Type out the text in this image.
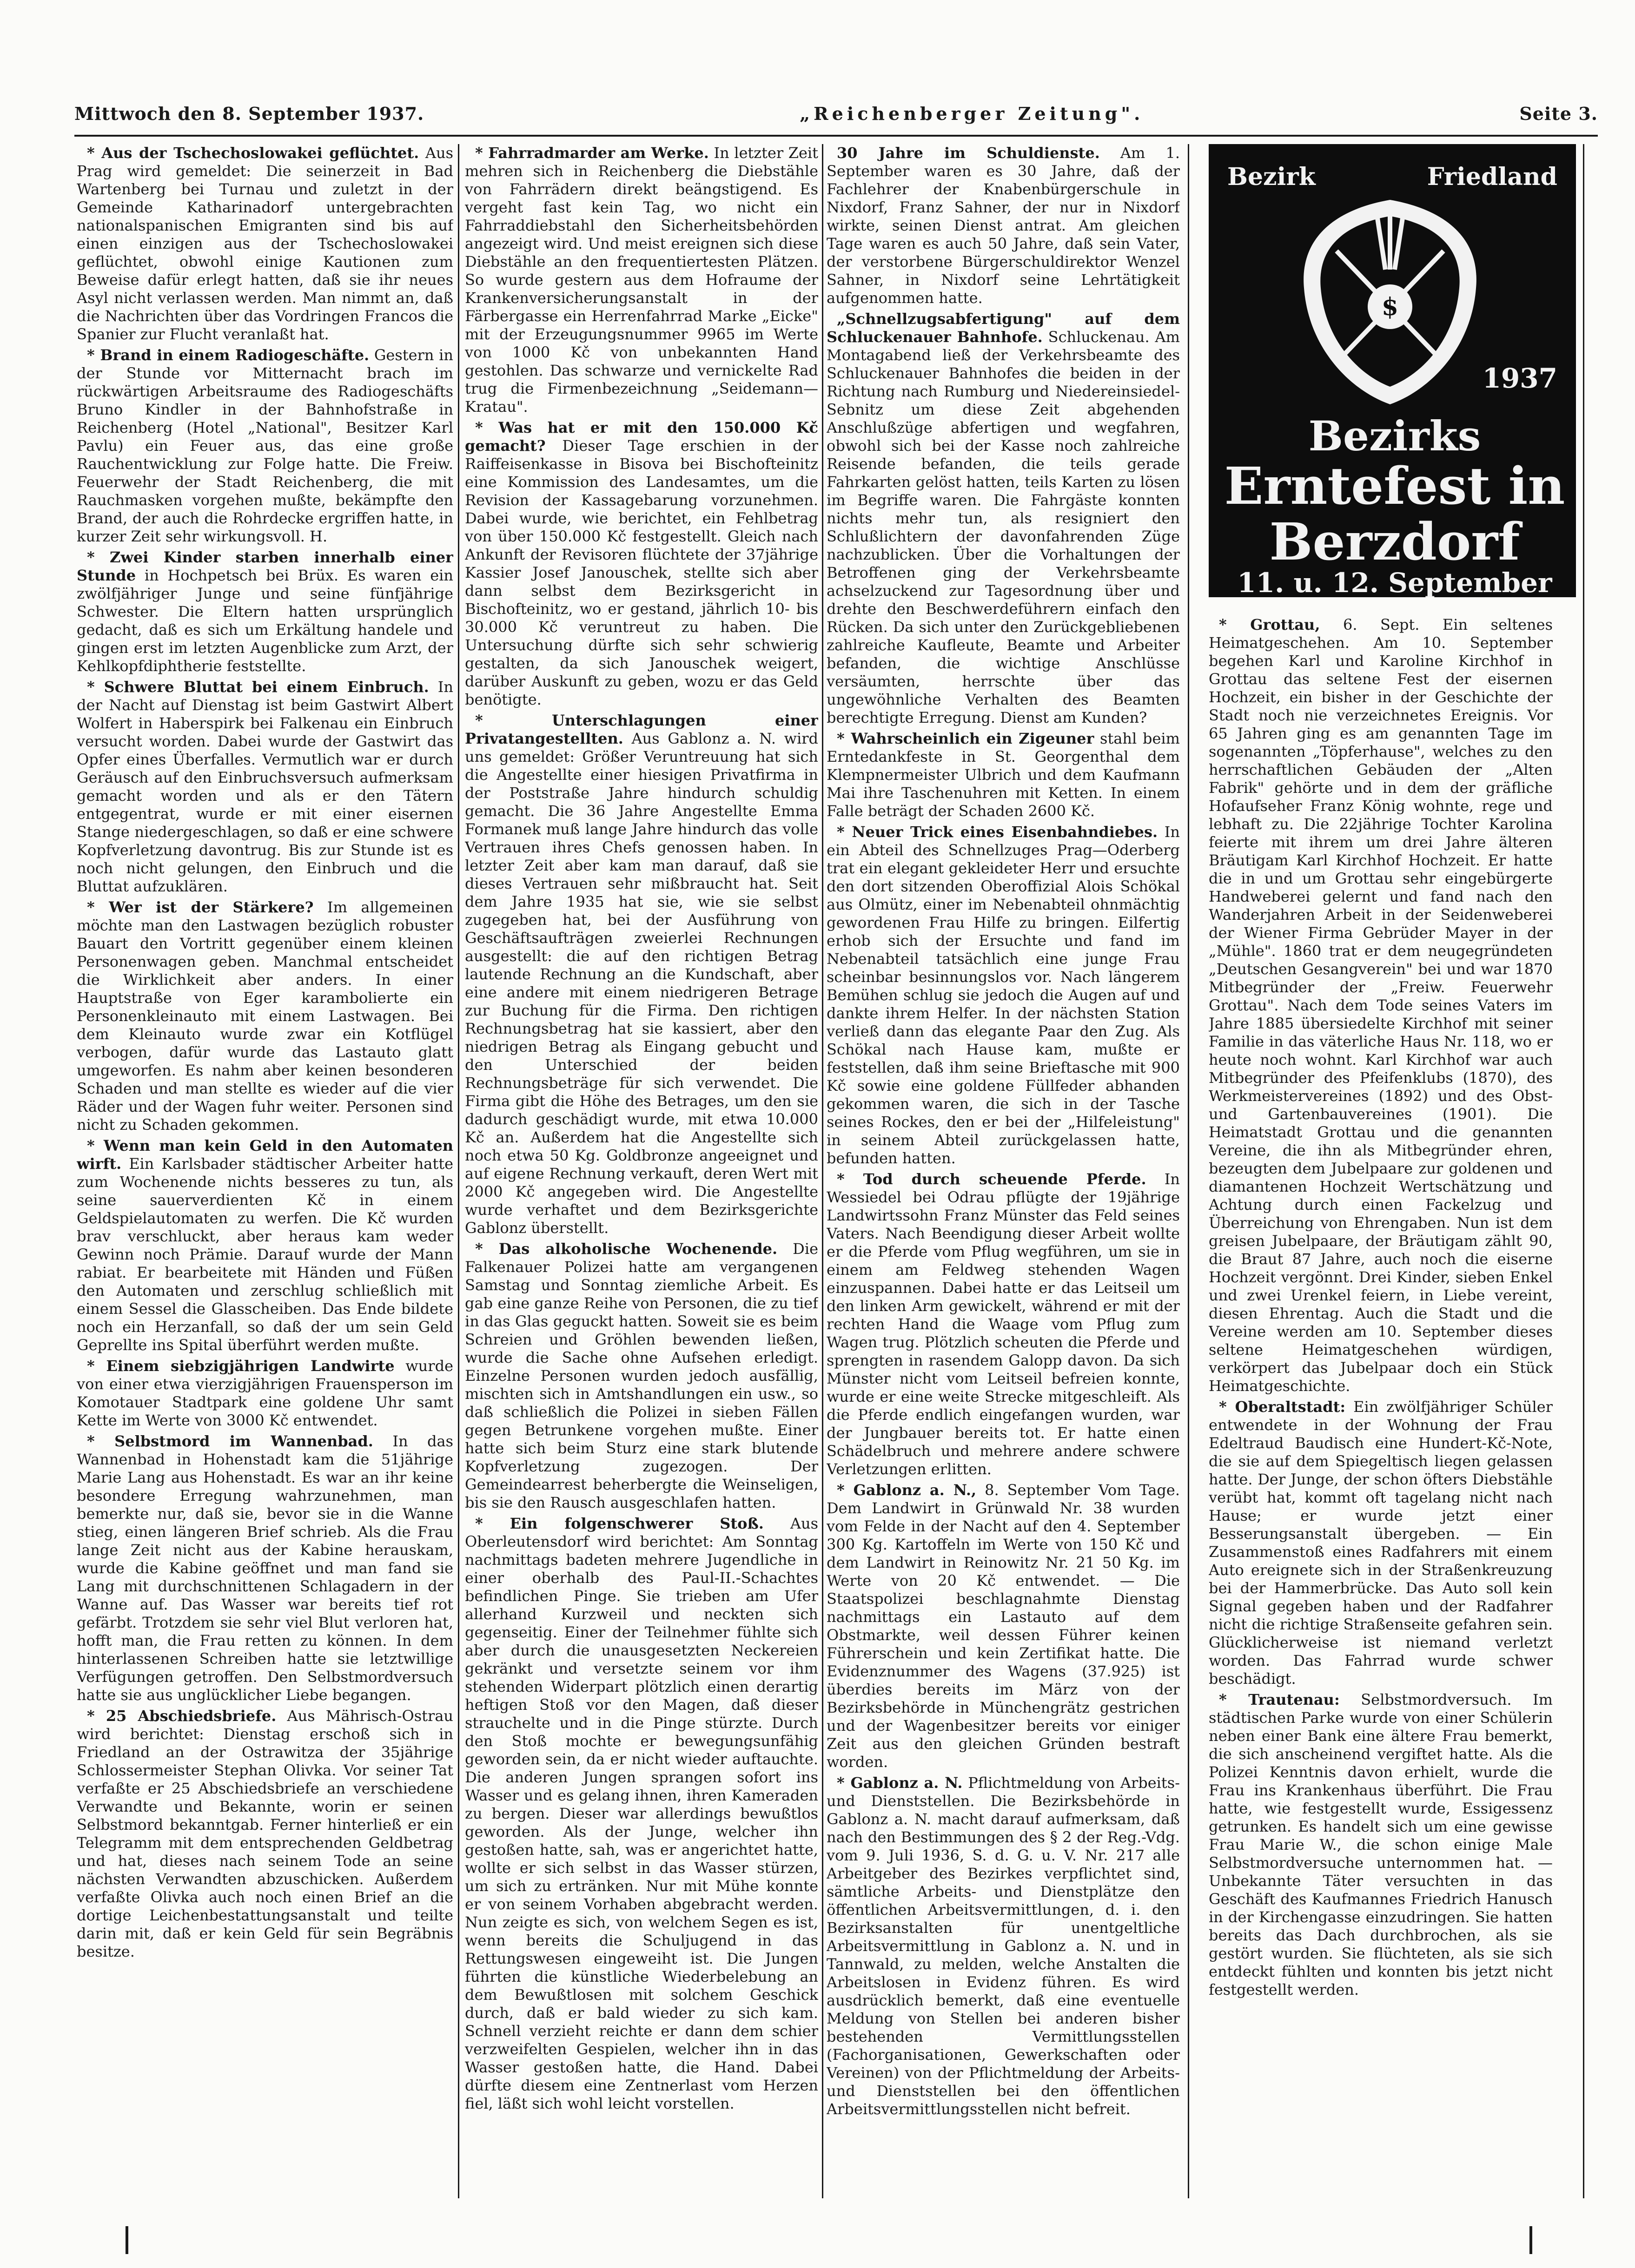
Mittwoch den 8. September 1937.	„Reichenberger Zeitung".	Seite 3.

* Aus der Tschechoslowakei geflüchtet. Aus Prag wird gemeldet: Die seinerzeit in Bad Wartenberg bei Turnau und zuletzt in der Gemeinde Katharinadorf untergebrachten nationalspanischen Emigranten sind bis auf einen einzigen aus der Tschechoslowakei geflüchtet, obwohl einige Kautionen zum Beweise dafür erlegt hatten, daß sie ihr neues Asyl nicht verlassen werden. Man nimmt an, daß die Nachrichten über das Vordringen Francos die Spanier zur Flucht veranlaßt hat.

* Brand in einem Radiogeschäfte. Gestern in der Stunde vor Mitternacht brach im rückwärtigen Arbeitsraume des Radiogeschäfts Bruno Kindler in der Bahnhofstraße in Reichenberg (Hotel „National", Besitzer Karl Pavlu) ein Feuer aus, das eine große Rauchentwicklung zur Folge hatte. Die Freiw. Feuerwehr der Stadt Reichenberg, die mit Rauchmasken vorgehen mußte, bekämpfte den Brand, der auch die Rohrdecke ergriffen hatte, in kurzer Zeit sehr wirkungsvoll. H.

* Zwei Kinder starben innerhalb einer Stunde in Hochpetsch bei Brüx. Es waren ein zwölfjähriger Junge und seine fünfjährige Schwester. Die Eltern hatten ursprünglich gedacht, daß es sich um Erkältung handele und gingen erst im letzten Augenblicke zum Arzt, der Kehlkopfdiphtherie feststellte.

* Schwere Bluttat bei einem Einbruch. In der Nacht auf Dienstag ist beim Gastwirt Albert Wolfert in Haberspirk bei Falkenau ein Einbruch versucht worden. Dabei wurde der Gastwirt das Opfer eines Überfalles. Vermutlich war er durch Geräusch auf den Einbruchsversuch aufmerksam gemacht worden und als er den Tätern entgegentrat, wurde er mit einer eisernen Stange niedergeschlagen, so daß er eine schwere Kopfverletzung davontrug. Bis zur Stunde ist es noch nicht gelungen, den Einbruch und die Bluttat aufzuklären.

* Wer ist der Stärkere? Im allgemeinen möchte man den Lastwagen bezüglich robuster Bauart den Vortritt gegenüber einem kleinen Personenwagen geben. Manchmal entscheidet die Wirklichkeit aber anders. In einer Hauptstraße von Eger karambolierte ein Personenkleinauto mit einem Lastwagen. Bei dem Kleinauto wurde zwar ein Kotflügel verbogen, dafür wurde das Lastauto glatt umgeworfen. Es nahm aber keinen besonderen Schaden und man stellte es wieder auf die vier Räder und der Wagen fuhr weiter. Personen sind nicht zu Schaden gekommen.

* Wenn man kein Geld in den Automaten wirft. Ein Karlsbader städtischer Arbeiter hatte zum Wochenende nichts besseres zu tun, als seine sauerverdienten Kč in einem Geldspielautomaten zu werfen. Die Kč wurden brav verschluckt, aber heraus kam weder Gewinn noch Prämie. Darauf wurde der Mann rabiat. Er bearbeitete mit Händen und Füßen den Automaten und zerschlug schließlich mit einem Sessel die Glasscheiben. Das Ende bildete noch ein Herzanfall, so daß der um sein Geld Geprellte ins Spital überführt werden mußte.

* Einem siebzigjährigen Landwirte wurde von einer etwa vierzigjährigen Frauensperson im Komotauer Stadtpark eine goldene Uhr samt Kette im Werte von 3000 Kč entwendet.

* Selbstmord im Wannenbad. In das Wannenbad in Hohenstadt kam die 51jährige Marie Lang aus Hohenstadt. Es war an ihr keine besondere Erregung wahrzunehmen, man bemerkte nur, daß sie, bevor sie in die Wanne stieg, einen längeren Brief schrieb. Als die Frau lange Zeit nicht aus der Kabine herauskam, wurde die Kabine geöffnet und man fand sie Lang mit durchschnittenen Schlagadern in der Wanne auf. Das Wasser war bereits tief rot gefärbt. Trotzdem sie sehr viel Blut verloren hat, hofft man, die Frau retten zu können. In dem hinterlassenen Schreiben hatte sie letztwillige Verfügungen getroffen. Den Selbstmordversuch hatte sie aus unglücklicher Liebe begangen.

* 25 Abschiedsbriefe. Aus Mährisch-Ostrau wird berichtet: Dienstag erschoß sich in Friedland an der Ostrawitza der 35jährige Schlossermeister Stephan Olivka. Vor seiner Tat verfaßte er 25 Abschiedsbriefe an verschiedene Verwandte und Bekannte, worin er seinen Selbstmord bekanntgab. Ferner hinterließ er ein Telegramm mit dem entsprechenden Geldbetrag und hat, dieses nach seinem Tode an seine nächsten Verwandten abzuschicken. Außerdem verfaßte Olivka auch noch einen Brief an die dortige Leichenbestattungsanstalt und teilte darin mit, daß er kein Geld für sein Begräbnis besitze.

* Fahrradmarder am Werke. In letzter Zeit mehren sich in Reichenberg die Diebstähle von Fahrrädern direkt beängstigend. Es vergeht fast kein Tag, wo nicht ein Fahrraddiebstahl den Sicherheitsbehörden angezeigt wird. Und meist ereignen sich diese Diebstähle an den frequentiertesten Plätzen. So wurde gestern aus dem Hofraume der Krankenversicherungsanstalt in der Färbergasse ein Herrenfahrrad Marke „Eicke" mit der Erzeugungsnummer 9965 im Werte von 1000 Kč von unbekannten Hand gestohlen. Das schwarze und vernickelte Rad trug die Firmenbezeichnung „Seidemann—Kratau".

* Was hat er mit den 150.000 Kč gemacht? Dieser Tage erschien in der Raiffeisenkasse in Bisova bei Bischofteinitz eine Kommission des Landesamtes, um die Revision der Kassagebarung vorzunehmen. Dabei wurde, wie berichtet, ein Fehlbetrag von über 150.000 Kč festgestellt. Gleich nach Ankunft der Revisoren flüchtete der 37jährige Kassier Josef Janouschek, stellte sich aber dann selbst dem Bezirksgericht in Bischofteinitz, wo er gestand, jährlich 10- bis 30.000 Kč veruntreut zu haben. Die Untersuchung dürfte sich sehr schwierig gestalten, da sich Janouschek weigert, darüber Auskunft zu geben, wozu er das Geld benötigte.

* Unterschlagungen einer Privatangestellten. Aus Gablonz a. N. wird uns gemeldet: Größer Veruntreuung hat sich die Angestellte einer hiesigen Privatfirma in der Poststraße Jahre hindurch schuldig gemacht. Die 36 Jahre Angestellte Emma Formanek muß lange Jahre hindurch das volle Vertrauen ihres Chefs genossen haben. In letzter Zeit aber kam man darauf, daß sie dieses Vertrauen sehr mißbraucht hat. Seit dem Jahre 1935 hat sie, wie sie selbst zugegeben hat, bei der Ausführung von Geschäftsaufträgen zweierlei Rechnungen ausgestellt: die auf den richtigen Betrag lautende Rechnung an die Kundschaft, aber eine andere mit einem niedrigeren Betrage zur Buchung für die Firma. Den richtigen Rechnungsbetrag hat sie kassiert, aber den niedrigen Betrag als Eingang gebucht und den Unterschied der beiden Rechnungsbeträge für sich verwendet. Die Firma gibt die Höhe des Betrages, um den sie dadurch geschädigt wurde, mit etwa 10.000 Kč an. Außerdem hat die Angestellte sich noch etwa 50 Kg. Goldbronze angeeignet und auf eigene Rechnung verkauft, deren Wert mit 2000 Kč angegeben wird. Die Angestellte wurde verhaftet und dem Bezirksgerichte Gablonz überstellt.

* Das alkoholische Wochenende. Die Falkenauer Polizei hatte am vergangenen Samstag und Sonntag ziemliche Arbeit. Es gab eine ganze Reihe von Personen, die zu tief in das Glas geguckt hatten. Soweit sie es beim Schreien und Gröhlen bewenden ließen, wurde die Sache ohne Aufsehen erledigt. Einzelne Personen wurden jedoch ausfällig, mischten sich in Amtshandlungen ein usw., so daß schließlich die Polizei in sieben Fällen gegen Betrunkene vorgehen mußte. Einer hatte sich beim Sturz eine stark blutende Kopfverletzung zugezogen. Der Gemeindearrest beherbergte die Weinseligen, bis sie den Rausch ausgeschlafen hatten.

* Ein folgenschwerer Stoß. Aus Oberleutensdorf wird berichtet: Am Sonntag nachmittags badeten mehrere Jugendliche in einer oberhalb des Paul-II.-Schachtes befindlichen Pinge. Sie trieben am Ufer allerhand Kurzweil und neckten sich gegenseitig. Einer der Teilnehmer fühlte sich aber durch die unausgesetzten Neckereien gekränkt und versetzte seinem vor ihm stehenden Widerpart plötzlich einen derartig heftigen Stoß vor den Magen, daß dieser strauchelte und in die Pinge stürzte. Durch den Stoß mochte er bewegungsunfähig geworden sein, da er nicht wieder auftauchte. Die anderen Jungen sprangen sofort ins Wasser und es gelang ihnen, ihren Kameraden zu bergen. Dieser war allerdings bewußtlos geworden. Als der Junge, welcher ihn gestoßen hatte, sah, was er angerichtet hatte, wollte er sich selbst in das Wasser stürzen, um sich zu ertränken. Nur mit Mühe konnte er von seinem Vorhaben abgebracht werden. Nun zeigte es sich, von welchem Segen es ist, wenn bereits die Schuljugend in das Rettungswesen eingeweiht ist. Die Jungen führten die künstliche Wiederbelebung an dem Bewußtlosen mit solchem Geschick durch, daß er bald wieder zu sich kam. Schnell verzieht reichte er dann dem schier verzweifelten Gespielen, welcher ihn in das Wasser gestoßen hatte, die Hand. Dabei dürfte diesem eine Zentnerlast vom Herzen fiel, läßt sich wohl leicht vorstellen.

30 Jahre im Schuldienste. Am 1. September waren es 30 Jahre, daß der Fachlehrer der Knabenbürgerschule in Nixdorf, Franz Sahner, der nur in Nixdorf wirkte, seinen Dienst antrat. Am gleichen Tage waren es auch 50 Jahre, daß sein Vater, der verstorbene Bürgerschuldirektor Wenzel Sahner, in Nixdorf seine Lehrtätigkeit aufgenommen hatte.

„Schnellzugsabfertigung" auf dem Schluckenauer Bahnhofe. Schluckenau. Am Montagabend ließ der Verkehrsbeamte des Schluckenauer Bahnhofes die beiden in der Richtung nach Rumburg und Niedereinsiedel-Sebnitz um diese Zeit abgehenden Anschlußzüge abfertigen und wegfahren, obwohl sich bei der Kasse noch zahlreiche Reisende befanden, die teils gerade Fahrkarten gelöst hatten, teils Karten zu lösen im Begriffe waren. Die Fahrgäste konnten nichts mehr tun, als resigniert den Schlußlichtern der davonfahrenden Züge nachzublicken. Über die Vorhaltungen der Betroffenen ging der Verkehrsbeamte achselzuckend zur Tagesordnung über und drehte den Beschwerdeführern einfach den Rücken. Da sich unter den Zurückgebliebenen zahlreiche Kaufleute, Beamte und Arbeiter befanden, die wichtige Anschlüsse versäumten, herrschte über das ungewöhnliche Verhalten des Beamten berechtigte Erregung. Dienst am Kunden?

* Wahrscheinlich ein Zigeuner stahl beim Erntedankfeste in St. Georgenthal dem Klempnermeister Ulbrich und dem Kaufmann Mai ihre Taschenuhren mit Ketten. In einem Falle beträgt der Schaden 2600 Kč.

* Neuer Trick eines Eisenbahndiebes. In ein Abteil des Schnellzuges Prag—Oderberg trat ein elegant gekleideter Herr und ersuchte den dort sitzenden Oberoffizial Alois Schökal aus Olmütz, einer im Nebenabteil ohnmächtig gewordenen Frau Hilfe zu bringen. Eilfertig erhob sich der Ersuchte und fand im Nebenabteil tatsächlich eine junge Frau scheinbar besinnungslos vor. Nach längerem Bemühen schlug sie jedoch die Augen auf und dankte ihrem Helfer. In der nächsten Station verließ dann das elegante Paar den Zug. Als Schökal nach Hause kam, mußte er feststellen, daß ihm seine Brieftasche mit 900 Kč sowie eine goldene Füllfeder abhanden gekommen waren, die sich in der Tasche seines Rockes, den er bei der „Hilfeleistung" in seinem Abteil zurückgelassen hatte, befunden hatten.

* Tod durch scheuende Pferde. In Wessiedel bei Odrau pflügte der 19jährige Landwirtssohn Franz Münster das Feld seines Vaters. Nach Beendigung dieser Arbeit wollte er die Pferde vom Pflug wegführen, um sie in einem am Feldweg stehenden Wagen einzuspannen. Dabei hatte er das Leitseil um den linken Arm gewickelt, während er mit der rechten Hand die Waage vom Pflug zum Wagen trug. Plötzlich scheuten die Pferde und sprengten in rasendem Galopp davon. Da sich Münster nicht vom Leitseil befreien konnte, wurde er eine weite Strecke mitgeschleift. Als die Pferde endlich eingefangen wurden, war der Jungbauer bereits tot. Er hatte einen Schädelbruch und mehrere andere schwere Verletzungen erlitten.

* Gablonz a. N., 8. September Vom Tage. Dem Landwirt in Grünwald Nr. 38 wurden vom Felde in der Nacht auf den 4. September 300 Kg. Kartoffeln im Werte von 150 Kč und dem Landwirt in Reinowitz Nr. 21 50 Kg. im Werte von 20 Kč entwendet. — Die Staatspolizei beschlagnahmte Dienstag nachmittags ein Lastauto auf dem Obstmarkte, weil dessen Führer keinen Führerschein und kein Zertifikat hatte. Die Evidenznummer des Wagens (37.925) ist überdies bereits im März von der Bezirksbehörde in Münchengrätz gestrichen und der Wagenbesitzer bereits vor einiger Zeit aus den gleichen Gründen bestraft worden.

* Gablonz a. N. Pflichtmeldung von Arbeits- und Dienststellen. Die Bezirksbehörde in Gablonz a. N. macht darauf aufmerksam, daß nach den Bestimmungen des § 2 der Reg.-Vdg. vom 9. Juli 1936, S. d. G. u. V. Nr. 217 alle Arbeitgeber des Bezirkes verpflichtet sind, sämtliche Arbeits- und Dienstplätze den öffentlichen Arbeitsvermittlungen, d. i. den Bezirksanstalten für unentgeltliche Arbeitsvermittlung in Gablonz a. N. und in Tannwald, zu melden, welche Anstalten die Arbeitslosen in Evidenz führen. Es wird ausdrücklich bemerkt, daß eine eventuelle Meldung von Stellen bei anderen bisher bestehenden Vermittlungsstellen (Fachorganisationen, Gewerkschaften oder Vereinen) von der Pflichtmeldung der Arbeits- und Dienststellen bei den öffentlichen Arbeitsvermittlungsstellen nicht befreit.

Bezirk	Friedland
$
1937
Bezirks
Erntefest in
Berzdorf
11. u. 12. September

* Grottau, 6. Sept. Ein seltenes Heimatgeschehen. Am 10. September begehen Karl und Karoline Kirchhof in Grottau das seltene Fest der eisernen Hochzeit, ein bisher in der Geschichte der Stadt noch nie verzeichnetes Ereignis. Vor 65 Jahren ging es am genannten Tage im sogenannten „Töpferhause", welches zu den herrschaftlichen Gebäuden der „Alten Fabrik" gehörte und in dem der gräfliche Hofaufseher Franz König wohnte, rege und lebhaft zu. Die 22jährige Tochter Karolina feierte mit ihrem um drei Jahre älteren Bräutigam Karl Kirchhof Hochzeit. Er hatte die in und um Grottau sehr eingebürgerte Handweberei gelernt und fand nach den Wanderjahren Arbeit in der Seidenweberei der Wiener Firma Gebrüder Mayer in der „Mühle". 1860 trat er dem neugegründeten „Deutschen Gesangverein" bei und war 1870 Mitbegründer der „Freiw. Feuerwehr Grottau". Nach dem Tode seines Vaters im Jahre 1885 übersiedelte Kirchhof mit seiner Familie in das väterliche Haus Nr. 118, wo er heute noch wohnt. Karl Kirchhof war auch Mitbegründer des Pfeifenklubs (1870), des Werkmeistervereines (1892) und des Obst- und Gartenbauvereines (1901). Die Heimatstadt Grottau und die genannten Vereine, die ihn als Mitbegründer ehren, bezeugten dem Jubelpaare zur goldenen und diamantenen Hochzeit Wertschätzung und Achtung durch einen Fackelzug und Überreichung von Ehrengaben. Nun ist dem greisen Jubelpaare, der Bräutigam zählt 90, die Braut 87 Jahre, auch noch die eiserne Hochzeit vergönnt. Drei Kinder, sieben Enkel und zwei Urenkel feiern, in Liebe vereint, diesen Ehrentag. Auch die Stadt und die Vereine werden am 10. September dieses seltene Heimatgeschehen würdigen, verkörpert das Jubelpaar doch ein Stück Heimatgeschichte.

* Oberaltstadt: Ein zwölfjähriger Schüler entwendete in der Wohnung der Frau Edeltraud Baudisch eine Hundert-Kč-Note, die sie auf dem Spiegeltisch liegen gelassen hatte. Der Junge, der schon öfters Diebstähle verübt hat, kommt oft tagelang nicht nach Hause; er wurde jetzt einer Besserungsanstalt übergeben. — Ein Zusammenstoß eines Radfahrers mit einem Auto ereignete sich in der Straßenkreuzung bei der Hammerbrücke. Das Auto soll kein Signal gegeben haben und der Radfahrer nicht die richtige Straßenseite gefahren sein. Glücklicherweise ist niemand verletzt worden. Das Fahrrad wurde schwer beschädigt.

* Trautenau: Selbstmordversuch. Im städtischen Parke wurde von einer Schülerin neben einer Bank eine ältere Frau bemerkt, die sich anscheinend vergiftet hatte. Als die Polizei Kenntnis davon erhielt, wurde die Frau ins Krankenhaus überführt. Die Frau hatte, wie festgestellt wurde, Essigessenz getrunken. Es handelt sich um eine gewisse Frau Marie W., die schon einige Male Selbstmordversuche unternommen hat. — Unbekannte Täter versuchten in das Geschäft des Kaufmannes Friedrich Hanusch in der Kirchengasse einzudringen. Sie hatten bereits das Dach durchbrochen, als sie gestört wurden. Sie flüchteten, als sie sich entdeckt fühlten und konnten bis jetzt nicht festgestellt werden.
